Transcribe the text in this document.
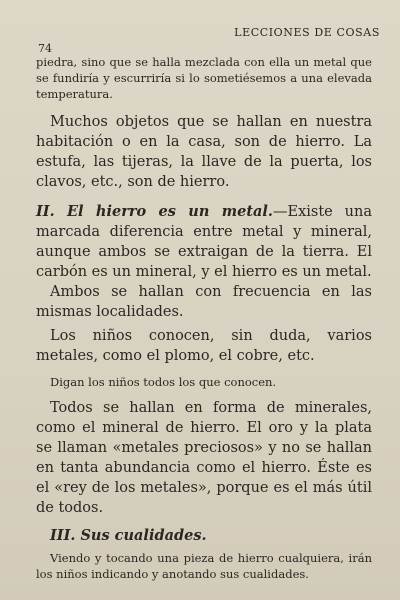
LECCIONES DE COSAS
74

piedra, sino que se halla mezclada con ella un metal que se fundiría y escurriría si lo sometiésemos a una elevada temperatura.

Muchos objetos que se hallan en nuestra habitación o en la casa, son de hierro. La estufa, las tijeras, la llave de la puerta, los clavos, etc., son de hierro.

II. El hierro es un metal.—Existe una marcada diferencia entre metal y mineral, aunque ambos se extraigan de la tierra. El carbón es un mineral, y el hierro es un metal.

Ambos se hallan con frecuencia en las mismas localidades.

Los niños conocen, sin duda, varios metales, como el plomo, el cobre, etc.

Digan los niños todos los que conocen.

Todos se hallan en forma de minerales, como el mineral de hierro. El oro y la plata se llaman «metales preciosos» y no se hallan en tanta abundancia como el hierro. Éste es el «rey de los metales», porque es el más útil de todos.

III. Sus cualidades.

Viendo y tocando una pieza de hierro cualquiera, irán los niños indicando y anotando sus cualidades.
